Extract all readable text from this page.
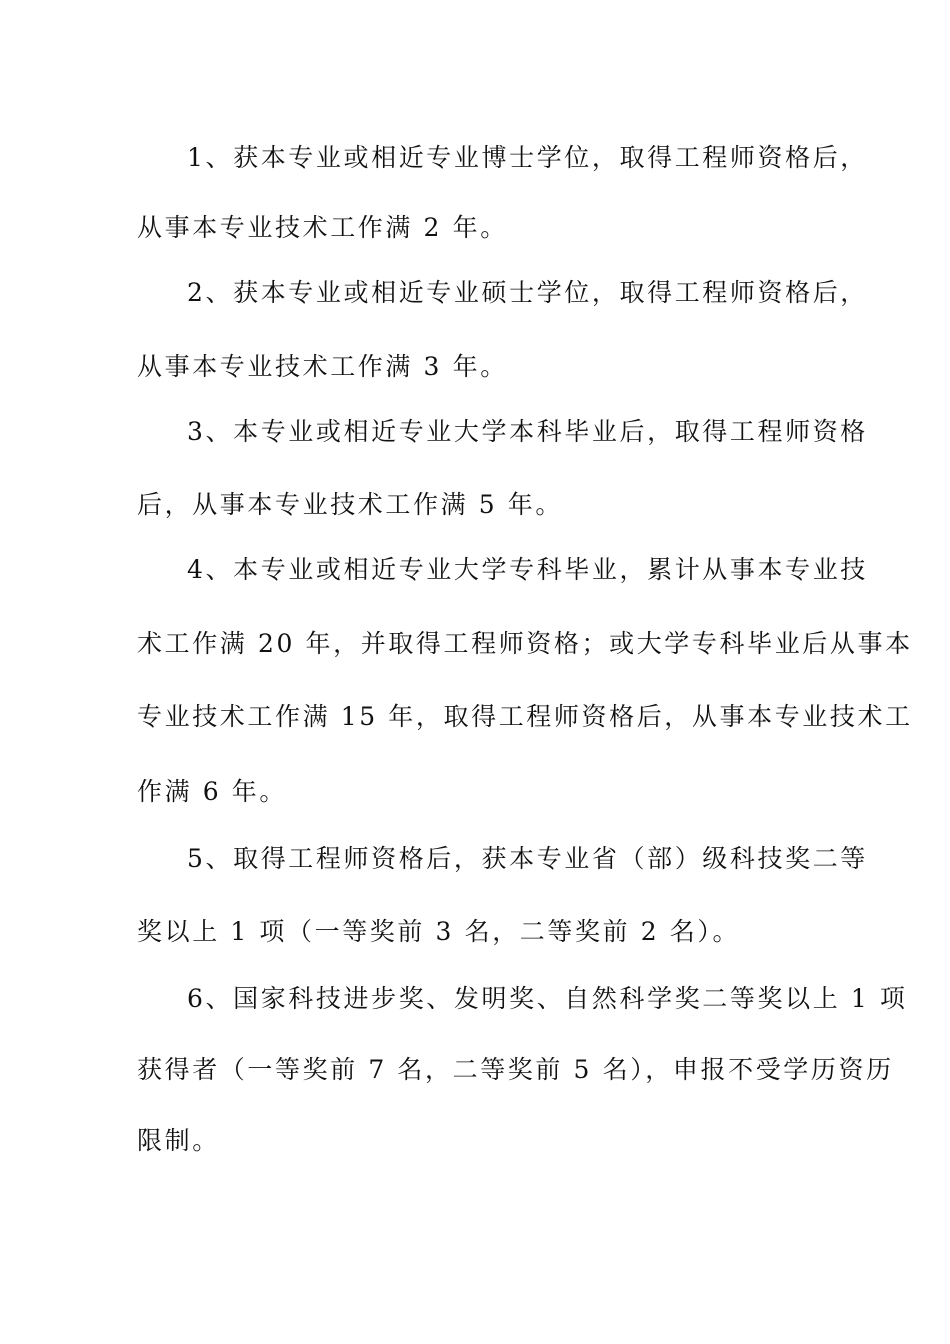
1、获本专业或相近专业博士学位，取得工程师资格后，

从事本专业技术工作满 2 年。

2、获本专业或相近专业硕士学位，取得工程师资格后，

从事本专业技术工作满 3 年。

3、本专业或相近专业大学本科毕业后，取得工程师资格

后，从事本专业技术工作满 5 年。

4、本专业或相近专业大学专科毕业，累计从事本专业技

术工作满 20 年，并取得工程师资格；或大学专科毕业后从事本

专业技术工作满 15 年，取得工程师资格后，从事本专业技术工

作满 6 年。

5、取得工程师资格后，获本专业省（部）级科技奖二等

奖以上 1 项（一等奖前 3 名，二等奖前 2 名）。

6、国家科技进步奖、发明奖、自然科学奖二等奖以上 1 项

获得者（一等奖前 7 名，二等奖前 5 名），申报不受学历资历

限制。
